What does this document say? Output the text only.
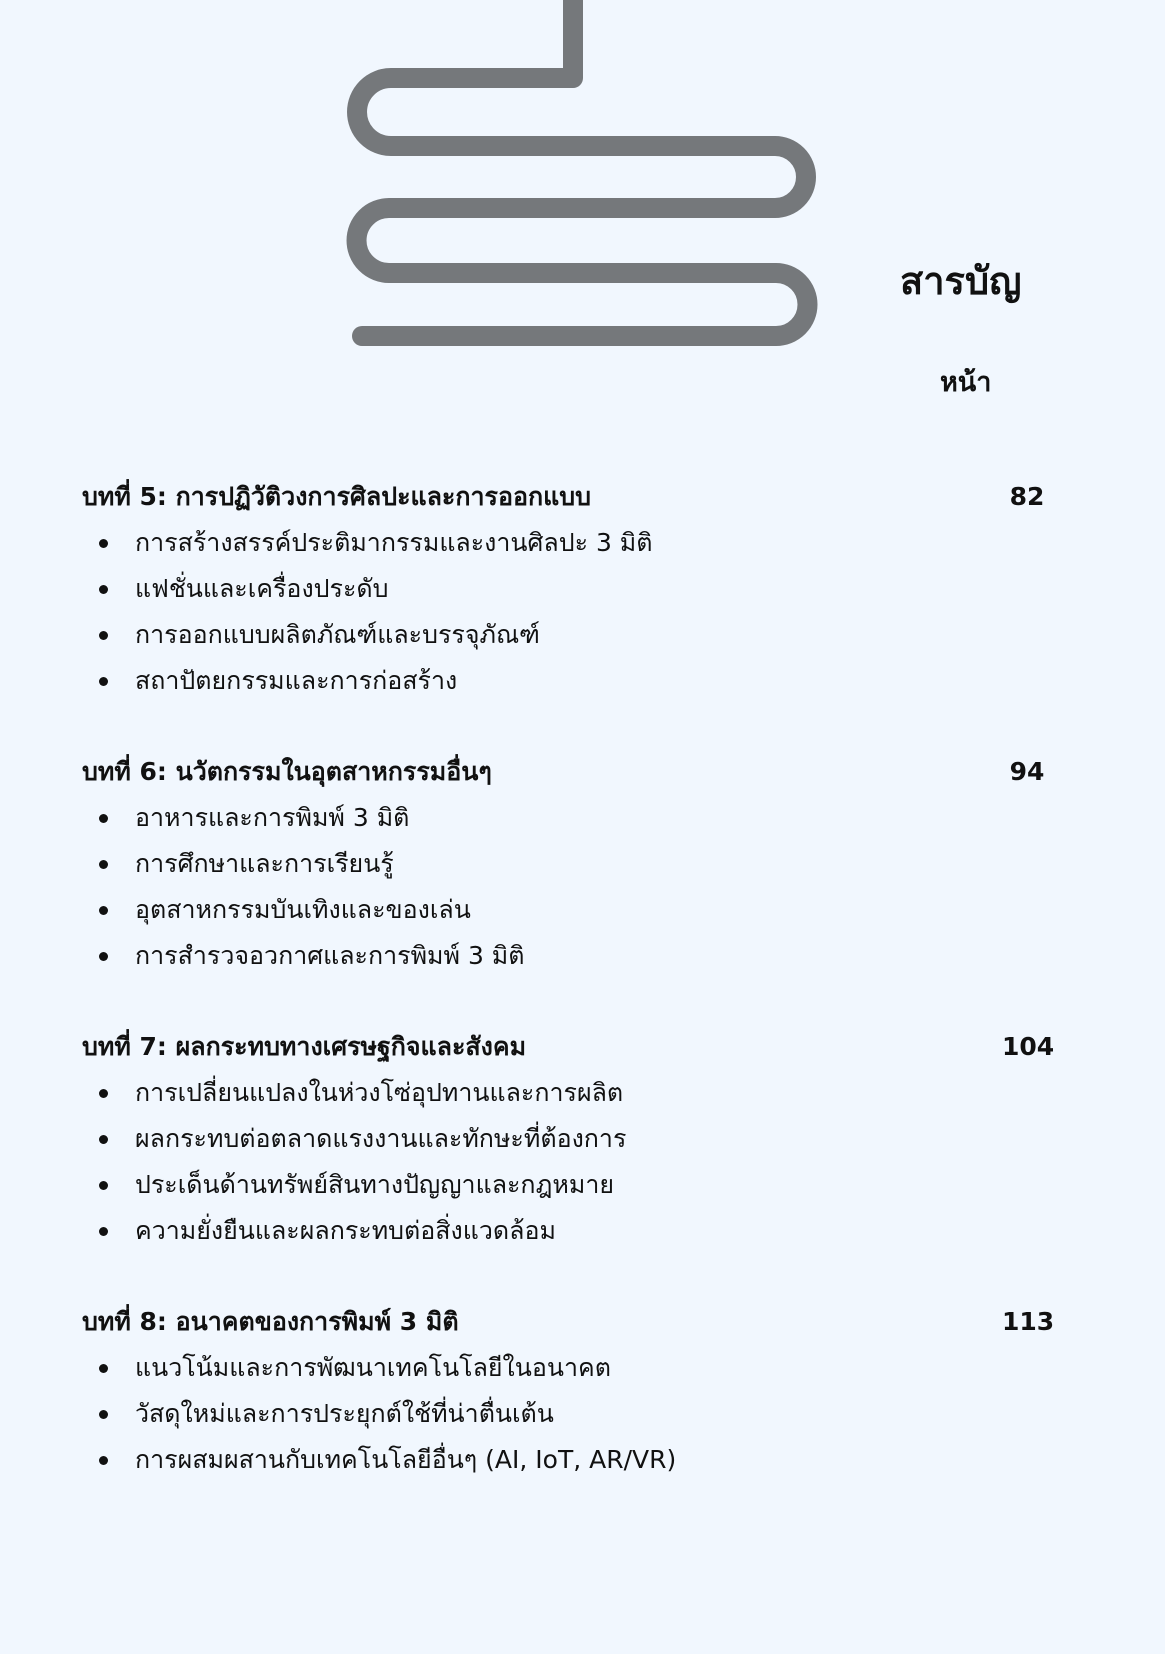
สารบัญ
หน้า
บทที่ 5: การปฏิวัติวงการศิลปะและการออกแบบ	82
การสร้างสรรค์ประติมากรรมและงานศิลปะ 3 มิติ
แฟชั่นและเครื่องประดับ
การออกแบบผลิตภัณฑ์และบรรจุภัณฑ์
สถาปัตยกรรมและการก่อสร้าง
บทที่ 6: นวัตกรรมในอุตสาหกรรมอื่นๆ	94
อาหารและการพิมพ์ 3 มิติ
การศึกษาและการเรียนรู้
อุตสาหกรรมบันเทิงและของเล่น
การสำรวจอวกาศและการพิมพ์ 3 มิติ
บทที่ 7: ผลกระทบทางเศรษฐกิจและสังคม	104
การเปลี่ยนแปลงในห่วงโซ่อุปทานและการผลิต
ผลกระทบต่อตลาดแรงงานและทักษะที่ต้องการ
ประเด็นด้านทรัพย์สินทางปัญญาและกฎหมาย
ความยั่งยืนและผลกระทบต่อสิ่งแวดล้อม
บทที่ 8: อนาคตของการพิมพ์ 3 มิติ	113
แนวโน้มและการพัฒนาเทคโนโลยีในอนาคต
วัสดุใหม่และการประยุกต์ใช้ที่น่าตื่นเต้น
การผสมผสานกับเทคโนโลยีอื่นๆ (AI, IoT, AR/VR)
